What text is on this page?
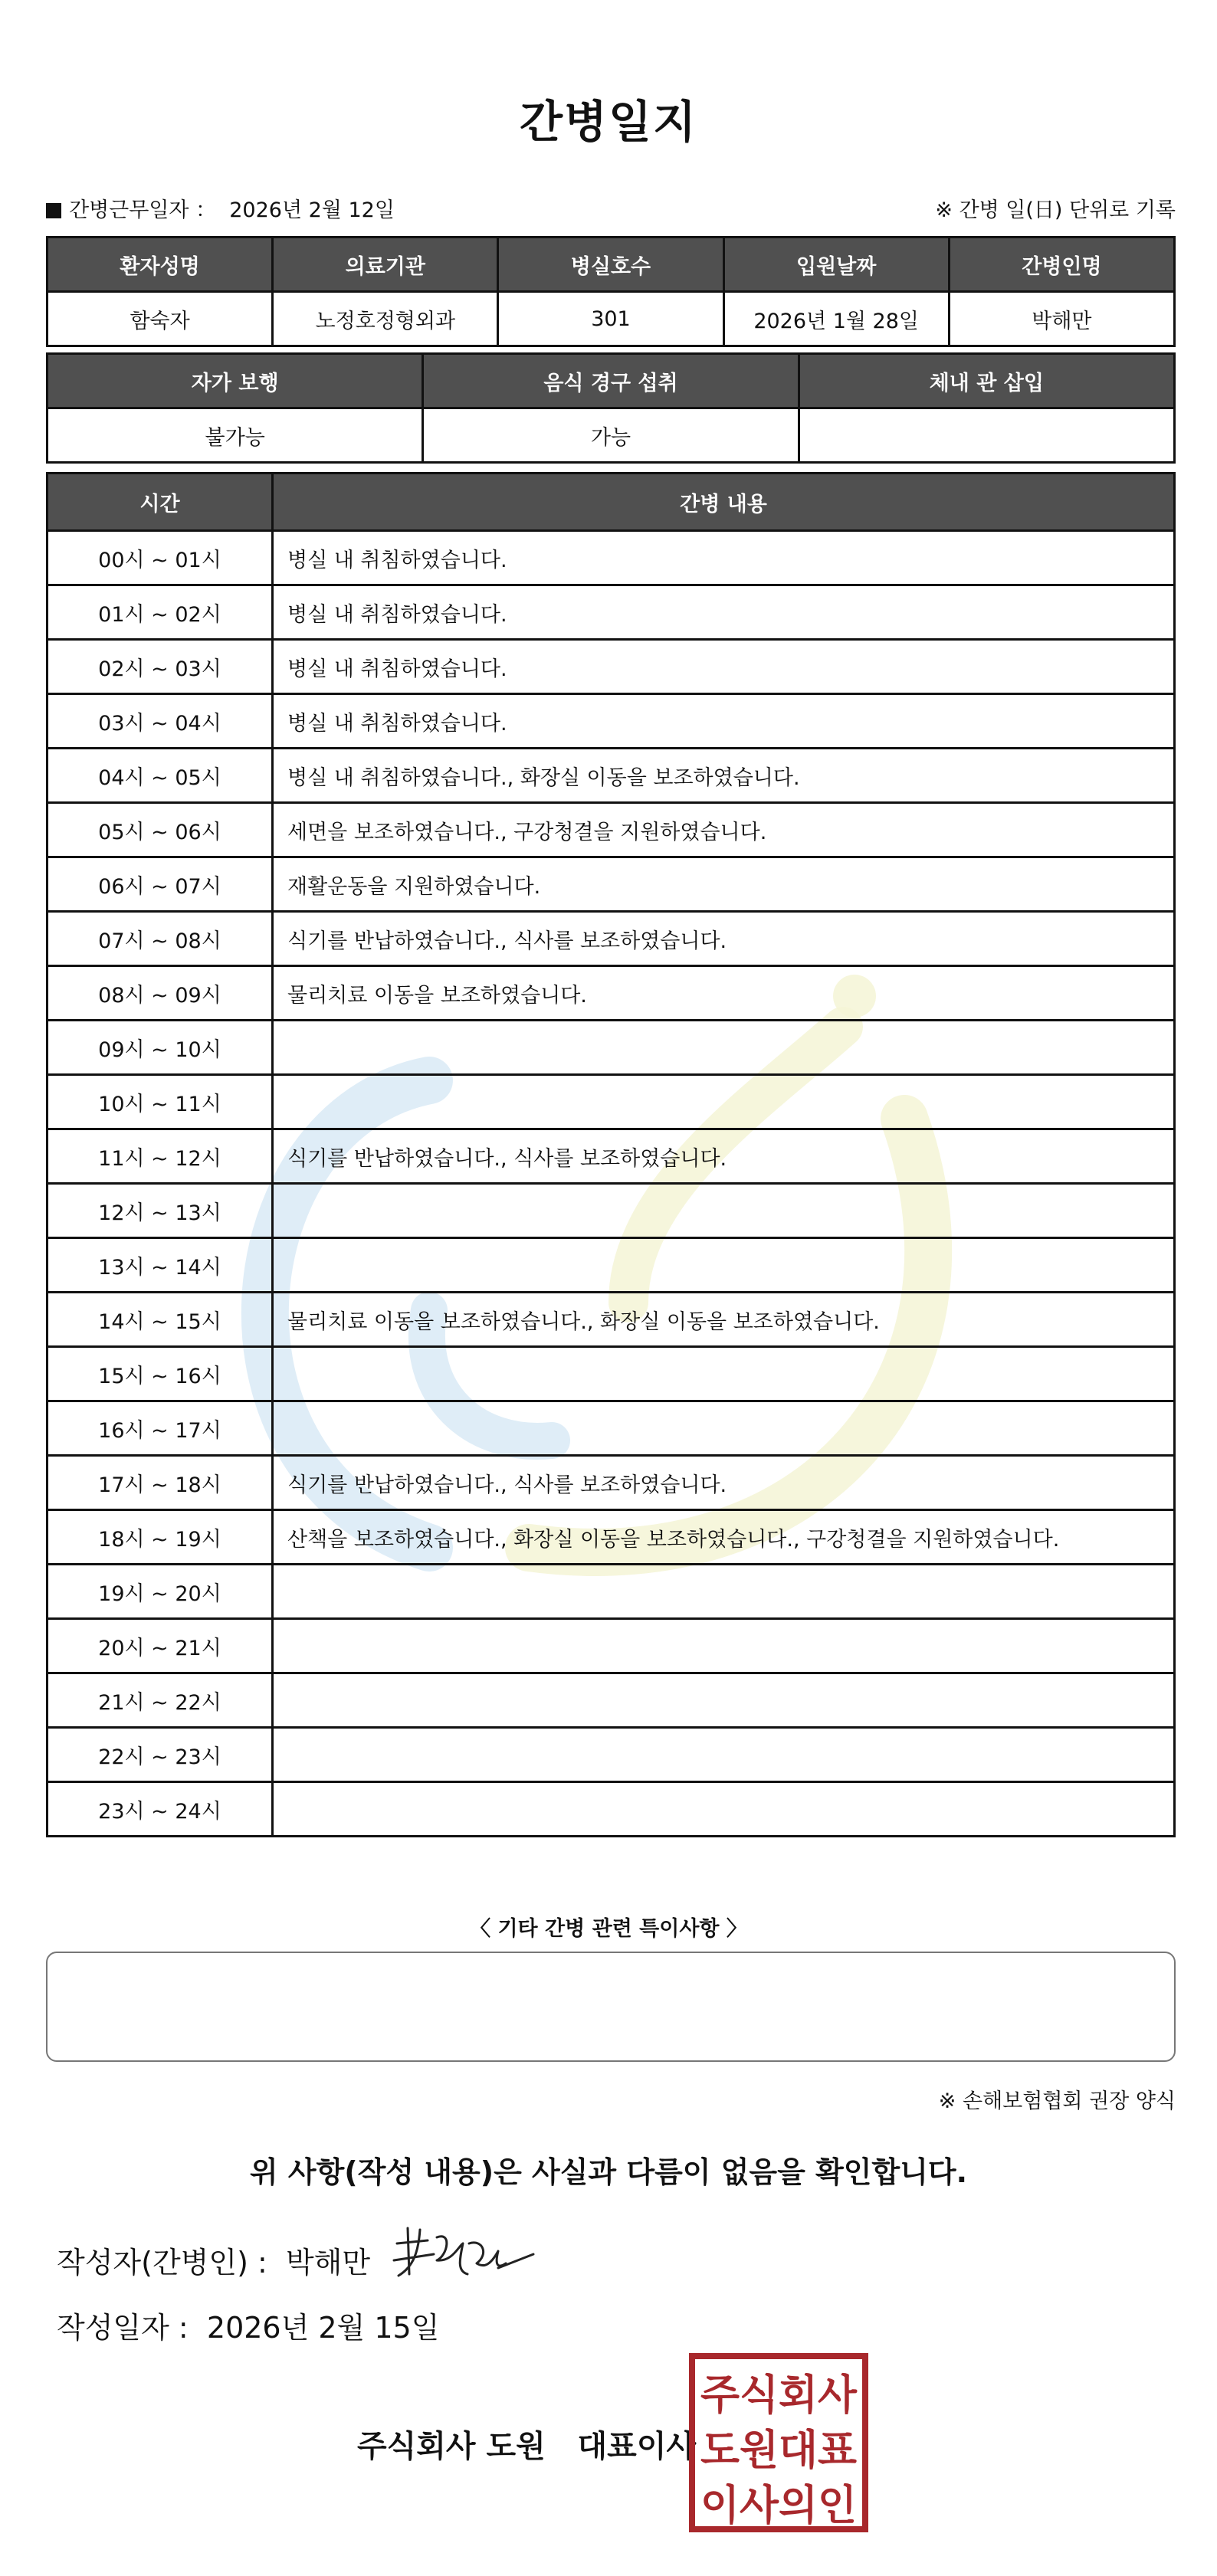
간병일지
간병근무일자 ： 2026년 2월 12일	※ 간병 일(日) 단위로 기록
환자성명	의료기관	병실호수	입원날짜	간병인명
함숙자	노정호정형외과	301	2026년 1월 28일	박해만
자가 보행	음식 경구 섭취	체내 관 삽입
불가능	가능	
시간	간병 내용
00시 ~ 01시	병실 내 취침하였습니다.
01시 ~ 02시	병실 내 취침하였습니다.
02시 ~ 03시	병실 내 취침하였습니다.
03시 ~ 04시	병실 내 취침하였습니다.
04시 ~ 05시	병실 내 취침하였습니다., 화장실 이동을 보조하였습니다.
05시 ~ 06시	세면을 보조하였습니다., 구강청결을 지원하였습니다.
06시 ~ 07시	재활운동을 지원하였습니다.
07시 ~ 08시	식기를 반납하였습니다., 식사를 보조하였습니다.
08시 ~ 09시	물리치료 이동을 보조하였습니다.
09시 ~ 10시	
10시 ~ 11시	
11시 ~ 12시	식기를 반납하였습니다., 식사를 보조하였습니다.
12시 ~ 13시	
13시 ~ 14시	
14시 ~ 15시	물리치료 이동을 보조하였습니다., 화장실 이동을 보조하였습니다.
15시 ~ 16시	
16시 ~ 17시	
17시 ~ 18시	식기를 반납하였습니다., 식사를 보조하였습니다.
18시 ~ 19시	산책을 보조하였습니다., 화장실 이동을 보조하였습니다., 구강청결을 지원하였습니다.
19시 ~ 20시	
20시 ~ 21시	
21시 ~ 22시	
22시 ~ 23시	
23시 ~ 24시	
〈 기타 간병 관련 특이사항 〉
※ 손해보험협회 권장 양식
위 사항(작성 내용)은 사실과 다름이 없음을 확인합니다.
작성자(간병인) : 박해만
작성일자 : 2026년 2월 15일
주식회사 도원   대표이사
주식회사
도원대표
이사의인
